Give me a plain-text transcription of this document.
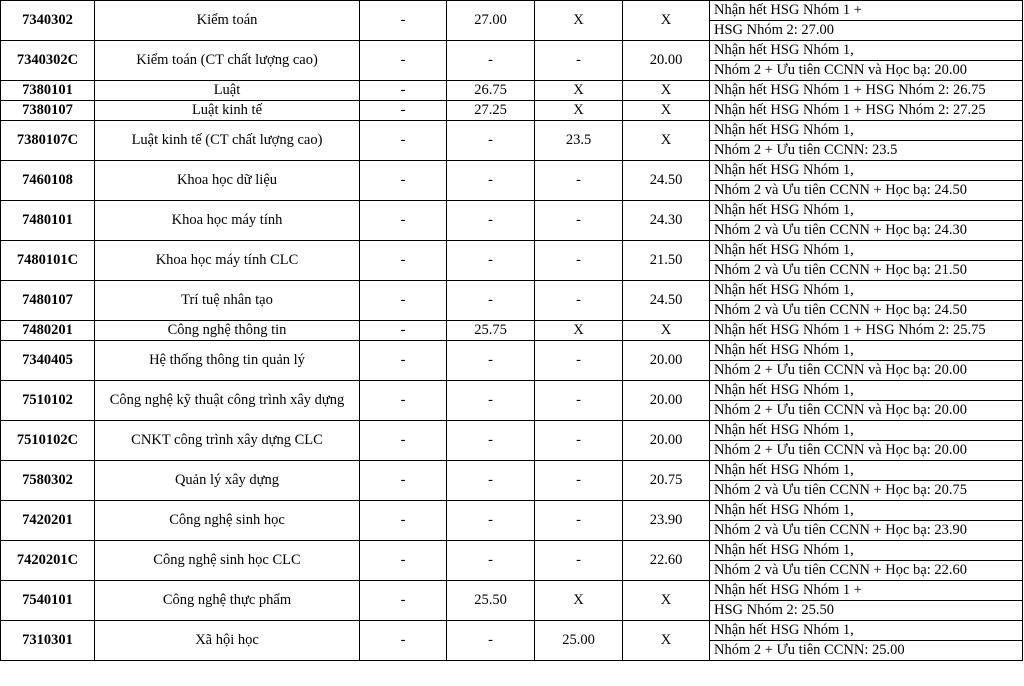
7340302	Kiểm toán	-	27.00	X	X	Nhận hết HSG Nhóm 1 +
						HSG Nhóm 2: 27.00
7340302C	Kiểm toán (CT chất lượng cao)	-	-	-	20.00	Nhận hết HSG Nhóm 1,
						Nhóm 2 + Ưu tiên CCNN và Học bạ: 20.00
7380101	Luật	-	26.75	X	X	Nhận hết HSG Nhóm 1 + HSG Nhóm 2: 26.75
7380107	Luật kinh tế	-	27.25	X	X	Nhận hết HSG Nhóm 1 + HSG Nhóm 2: 27.25
7380107C	Luật kinh tế (CT chất lượng cao)	-	-	23.5	X	Nhận hết HSG Nhóm 1,
						Nhóm 2 + Ưu tiên CCNN: 23.5
7460108	Khoa học dữ liệu	-	-	-	24.50	Nhận hết HSG Nhóm 1,
						Nhóm 2 và Ưu tiên CCNN + Học bạ: 24.50
7480101	Khoa học máy tính	-	-	-	24.30	Nhận hết HSG Nhóm 1,
						Nhóm 2 và Ưu tiên CCNN + Học bạ: 24.30
7480101C	Khoa học máy tính CLC	-	-	-	21.50	Nhận hết HSG Nhóm 1,
						Nhóm 2 và Ưu tiên CCNN + Học bạ: 21.50
7480107	Trí tuệ nhân tạo	-	-	-	24.50	Nhận hết HSG Nhóm 1,
						Nhóm 2 và Ưu tiên CCNN + Học bạ: 24.50
7480201	Công nghệ thông tin	-	25.75	X	X	Nhận hết HSG Nhóm 1 + HSG Nhóm 2: 25.75
7340405	Hệ thống thông tin quản lý	-	-	-	20.00	Nhận hết HSG Nhóm 1,
						Nhóm 2 + Ưu tiên CCNN và Học bạ: 20.00
7510102	Công nghệ kỹ thuật công trình xây dựng	-	-	-	20.00	Nhận hết HSG Nhóm 1,
						Nhóm 2 + Ưu tiên CCNN và Học bạ: 20.00
7510102C	CNKT công trình xây dựng CLC	-	-	-	20.00	Nhận hết HSG Nhóm 1,
						Nhóm 2 + Ưu tiên CCNN và Học bạ: 20.00
7580302	Quản lý xây dựng	-	-	-	20.75	Nhận hết HSG Nhóm 1,
						Nhóm 2 và Ưu tiên CCNN + Học bạ: 20.75
7420201	Công nghệ sinh học	-	-	-	23.90	Nhận hết HSG Nhóm 1,
						Nhóm 2 và Ưu tiên CCNN + Học bạ: 23.90
7420201C	Công nghệ sinh học CLC	-	-	-	22.60	Nhận hết HSG Nhóm 1,
						Nhóm 2 và Ưu tiên CCNN + Học bạ: 22.60
7540101	Công nghệ thực phẩm	-	25.50	X	X	Nhận hết HSG Nhóm 1 +
						HSG Nhóm 2: 25.50
7310301	Xã hội học	-	-	25.00	X	Nhận hết HSG Nhóm 1,
						Nhóm 2 + Ưu tiên CCNN: 25.00
